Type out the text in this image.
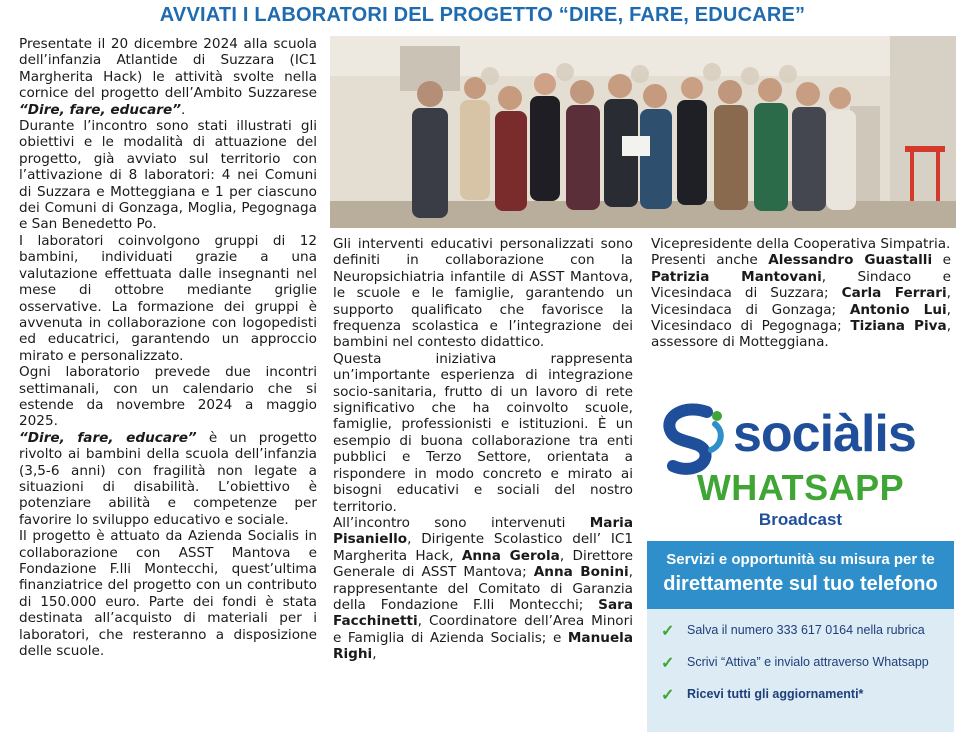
AVVIATI I LABORATORI DEL PROGETTO “DIRE, FARE, EDUCARE”

Presentate il 20 dicembre 2024 alla scuola dell’infanzia Atlantide di Suzzara (IC1 Margherita Hack) le attività svolte nella cornice del progetto dell’Ambito Suzzarese “Dire, fare, educare”.

Durante l’incontro sono stati illustrati gli obiettivi e le modalità di attuazione del progetto, già avviato sul territorio con l’attivazione di 8 laboratori: 4 nei Comuni di Suzzara e Motteggiana e 1 per ciascuno dei Comuni di Gonzaga, Moglia, Pegognaga e San Benedetto Po.

I laboratori coinvolgono gruppi di 12 bambini, individuati grazie a una valutazione effettuata dalle insegnanti nel mese di ottobre mediante griglie osservative. La formazione dei gruppi è avvenuta in collaborazione con logopedisti ed educatrici, garantendo un approccio mirato e personalizzato.

Ogni laboratorio prevede due incontri settimanali, con un calendario che si estende da novembre 2024 a maggio 2025.

“Dire, fare, educare” è un progetto rivolto ai bambini della scuola dell’infanzia (3,5-6 anni) con fragilità non legate a situazioni di disabilità. L’obiettivo è potenziare abilità e competenze per favorire lo sviluppo educativo e sociale.

Il progetto è attuato da Azienda Socialis in collaborazione con ASST Mantova e Fondazione F.lli Montecchi, quest’ultima finanziatrice del progetto con un contributo di 150.000 euro. Parte dei fondi è stata destinata all’acquisto di materiali per i laboratori, che resteranno a disposizione delle scuole.

Gli interventi educativi personalizzati sono definiti in collaborazione con la Neuropsichiatria infantile di ASST Mantova, le scuole e le famiglie, garantendo un supporto qualificato che favorisce la frequenza scolastica e l’integrazione dei bambini nel contesto didattico.

Questa iniziativa rappresenta un’importante esperienza di integrazione socio-sanitaria, frutto di un lavoro di rete significativo che ha coinvolto scuole, famiglie, professionisti e istituzioni. È un esempio di buona collaborazione tra enti pubblici e Terzo Settore, orientata a rispondere in modo concreto e mirato ai bisogni educativi e sociali del nostro territorio.

All’incontro sono intervenuti Maria Pisaniello, Dirigente Scolastico dell’ IC1 Margherita Hack, Anna Gerola, Direttore Generale di ASST Mantova; Anna Bonini, rappresentante del Comitato di Garanzia della Fondazione F.lli Montecchi; Sara Facchinetti, Coordinatore dell’Area Minori e Famiglia di Azienda Socialis; e Manuela Righi,

Vicepresidente della Cooperativa Simpatria.

Presenti anche Alessandro Guastalli e Patrizia Mantovani, Sindaco e Vicesindaca di Suzzara; Carla Ferrari, Vicesindaca di Gonzaga; Antonio Lui, Vicesindaco di Pegognaga; Tiziana Piva, assessore di Motteggiana.

sociàlis
WHATSAPP
Broadcast
Servizi e opportunità su misura per te
direttamente sul tuo telefono
✓ Salva il numero 333 617 0164 nella rubrica
✓ Scrivi “Attiva” e invialo attraverso Whatsapp
✓ Ricevi tutti gli aggiornamenti*
